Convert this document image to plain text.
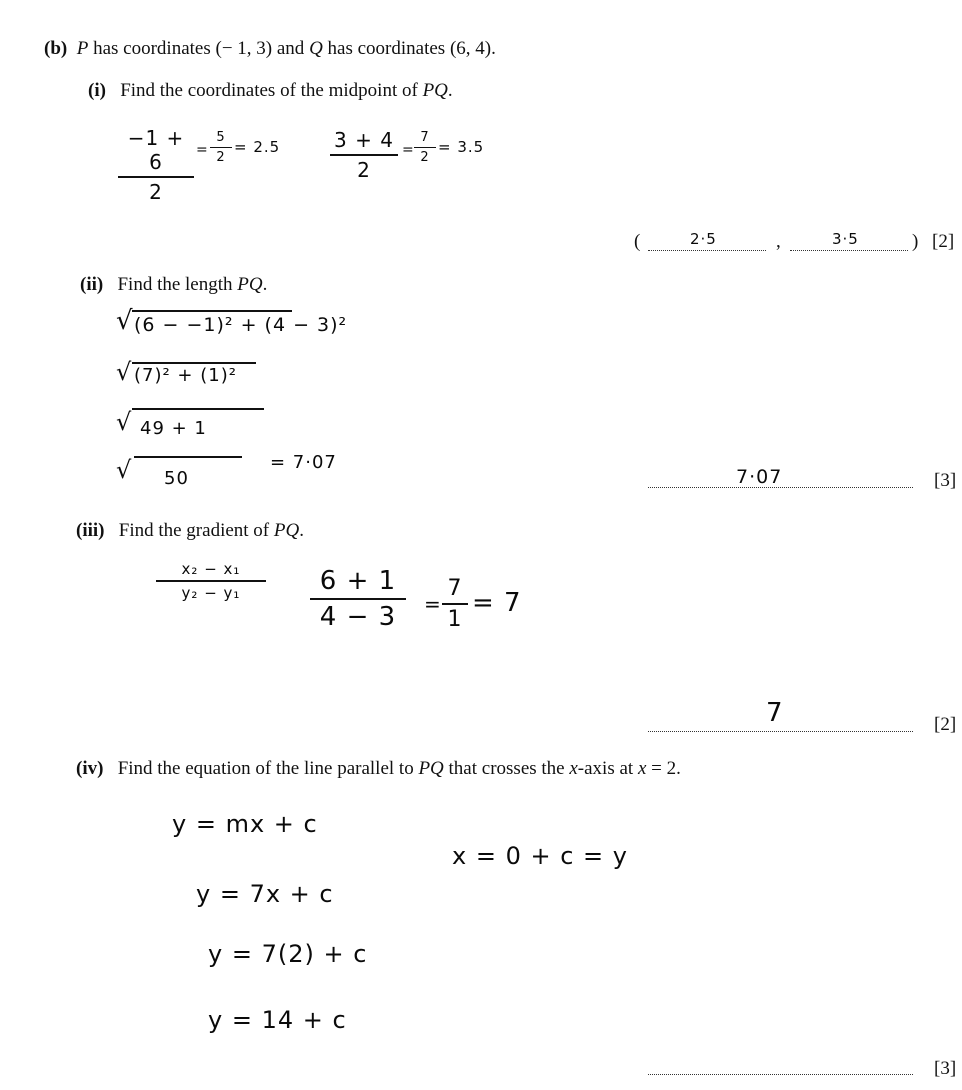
(b) P has coordinates (− 1, 3) and Q has coordinates (6, 4).
(i) Find the coordinates of the midpoint of PQ.
−1 + 6
2
=
5
2
= 2.5	3 + 4
2
=
7
2
= 3.5
(	2·5	,	3·5	) [2]
(ii) Find the length PQ.
√ (6 − −1)² + (4 − 3)²
√ (7)² + (1)²
√ 49 + 1
√ 50
= 7·07
7·07	[3]
(iii) Find the gradient of PQ.
x₂ − x₁
y₂ − y₁	6 + 1
4 − 3	=
7
1
= 7
7	[2]
(iv) Find the equation of the line parallel to PQ that crosses the x-axis at x = 2.
y = mx + c
x = 0 + c = y
y = 7x + c
y = 7(2) + c
y = 14 + c
[3]
